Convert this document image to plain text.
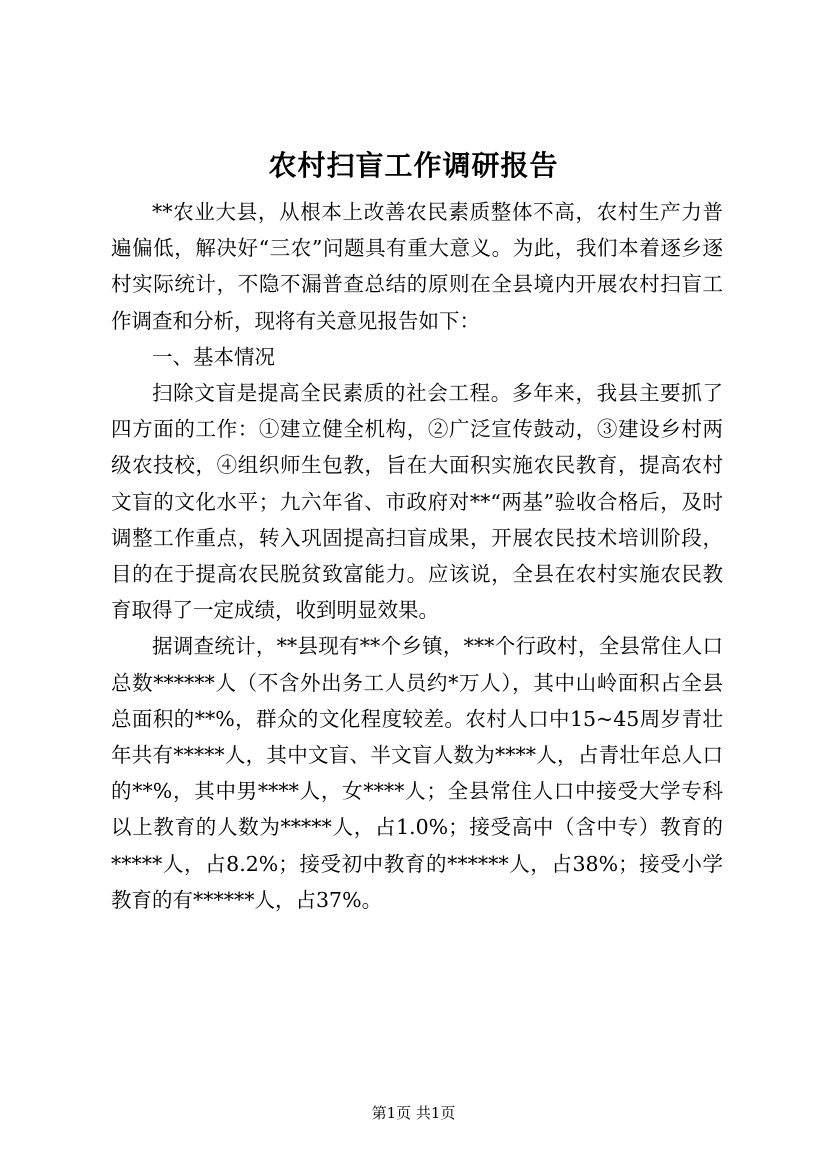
农村扫盲工作调研报告

**农业大县，从根本上改善农民素质整体不高，农村生产力普遍偏低，解决好“三农”问题具有重大意义。为此，我们本着逐乡逐村实际统计，不隐不漏普查总结的原则在全县境内开展农村扫盲工作调查和分析，现将有关意见报告如下：

一、基本情况

扫除文盲是提高全民素质的社会工程。多年来，我县主要抓了四方面的工作：①建立健全机构，②广泛宣传鼓动，③建设乡村两级农技校，④组织师生包教，旨在大面积实施农民教育，提高农村文盲的文化水平；九六年省、市政府对**“两基”验收合格后，及时调整工作重点，转入巩固提高扫盲成果，开展农民技术培训阶段，目的在于提高农民脱贫致富能力。应该说，全县在农村实施农民教育取得了一定成绩，收到明显效果。

据调查统计，**县现有**个乡镇，***个行政村，全县常住人口总数******人（不含外出务工人员约*万人），其中山岭面积占全县总面积的**%，群众的文化程度较差。农村人口中15~45周岁青壮年共有*****人，其中文盲、半文盲人数为****人，占青壮年总人口的**%，其中男****人，女****人；全县常住人口中接受大学专科以上教育的人数为*****人，占1.0%；接受高中（含中专）教育的*****人，占8.2%；接受初中教育的******人，占38%；接受小学教育的有******人，占37%。

第1页 共1页
